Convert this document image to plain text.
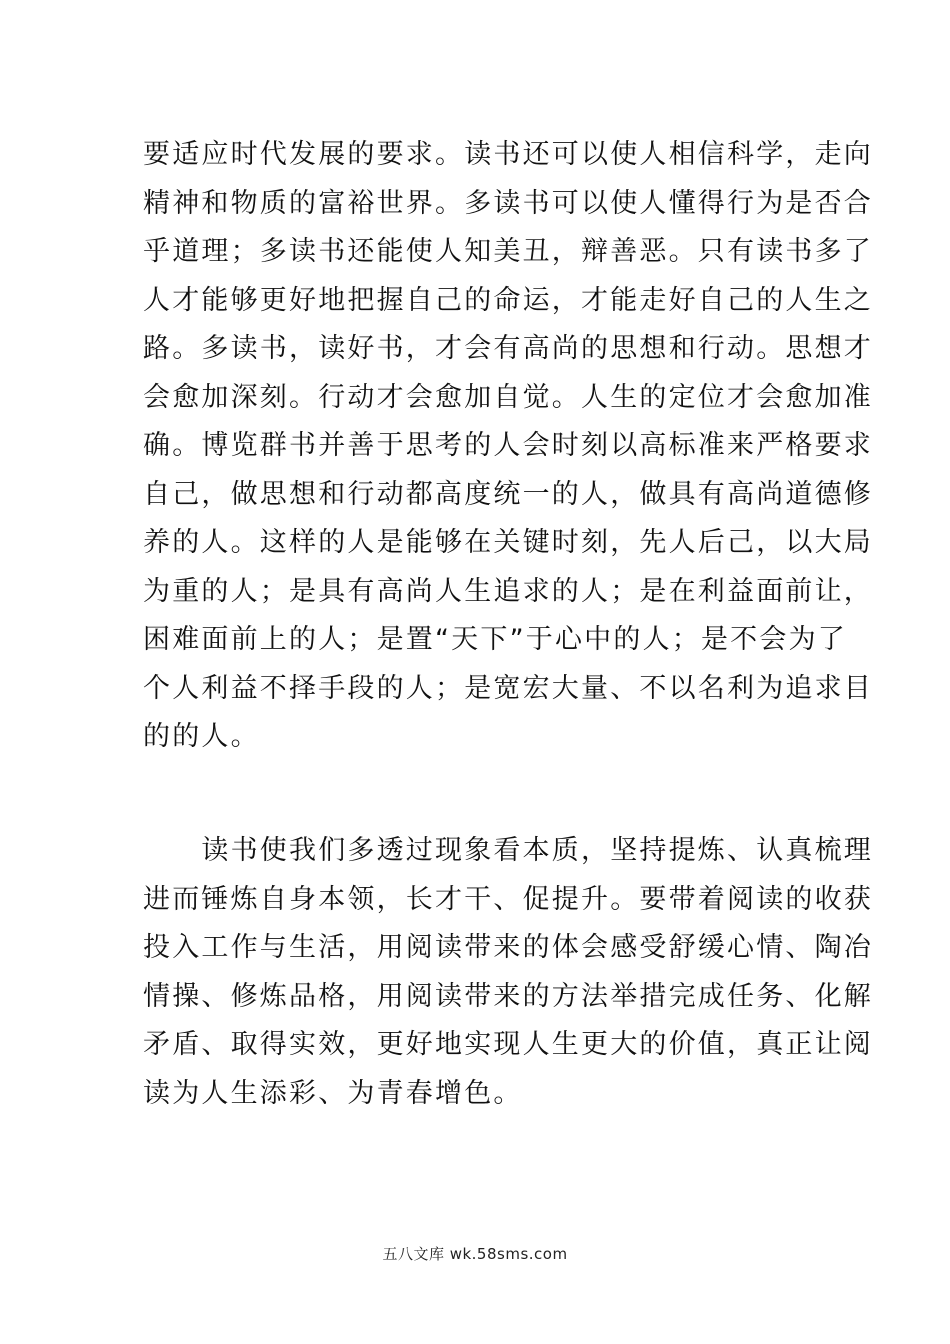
要适应时代发展的要求。读书还可以使人相信科学，走向
精神和物质的富裕世界。多读书可以使人懂得行为是否合
乎道理；多读书还能使人知美丑，辩善恶。只有读书多了
人才能够更好地把握自己的命运，才能走好自己的人生之
路。多读书，读好书，才会有高尚的思想和行动。思想才
会愈加深刻。行动才会愈加自觉。人生的定位才会愈加准
确。博览群书并善于思考的人会时刻以高标准来严格要求
自己，做思想和行动都高度统一的人，做具有高尚道德修
养的人。这样的人是能够在关键时刻，先人后己，以大局
为重的人；是具有高尚人生追求的人；是在利益面前让，
困难面前上的人；是置“天下”于心中的人；是不会为了
个人利益不择手段的人；是宽宏大量、不以名利为追求目
的的人。
　　读书使我们多透过现象看本质，坚持提炼、认真梳理
进而锤炼自身本领，长才干、促提升。要带着阅读的收获
投入工作与生活，用阅读带来的体会感受舒缓心情、陶冶
情操、修炼品格，用阅读带来的方法举措完成任务、化解
矛盾、取得实效，更好地实现人生更大的价值，真正让阅
读为人生添彩、为青春增色。
五八文库 wk.58sms.com
